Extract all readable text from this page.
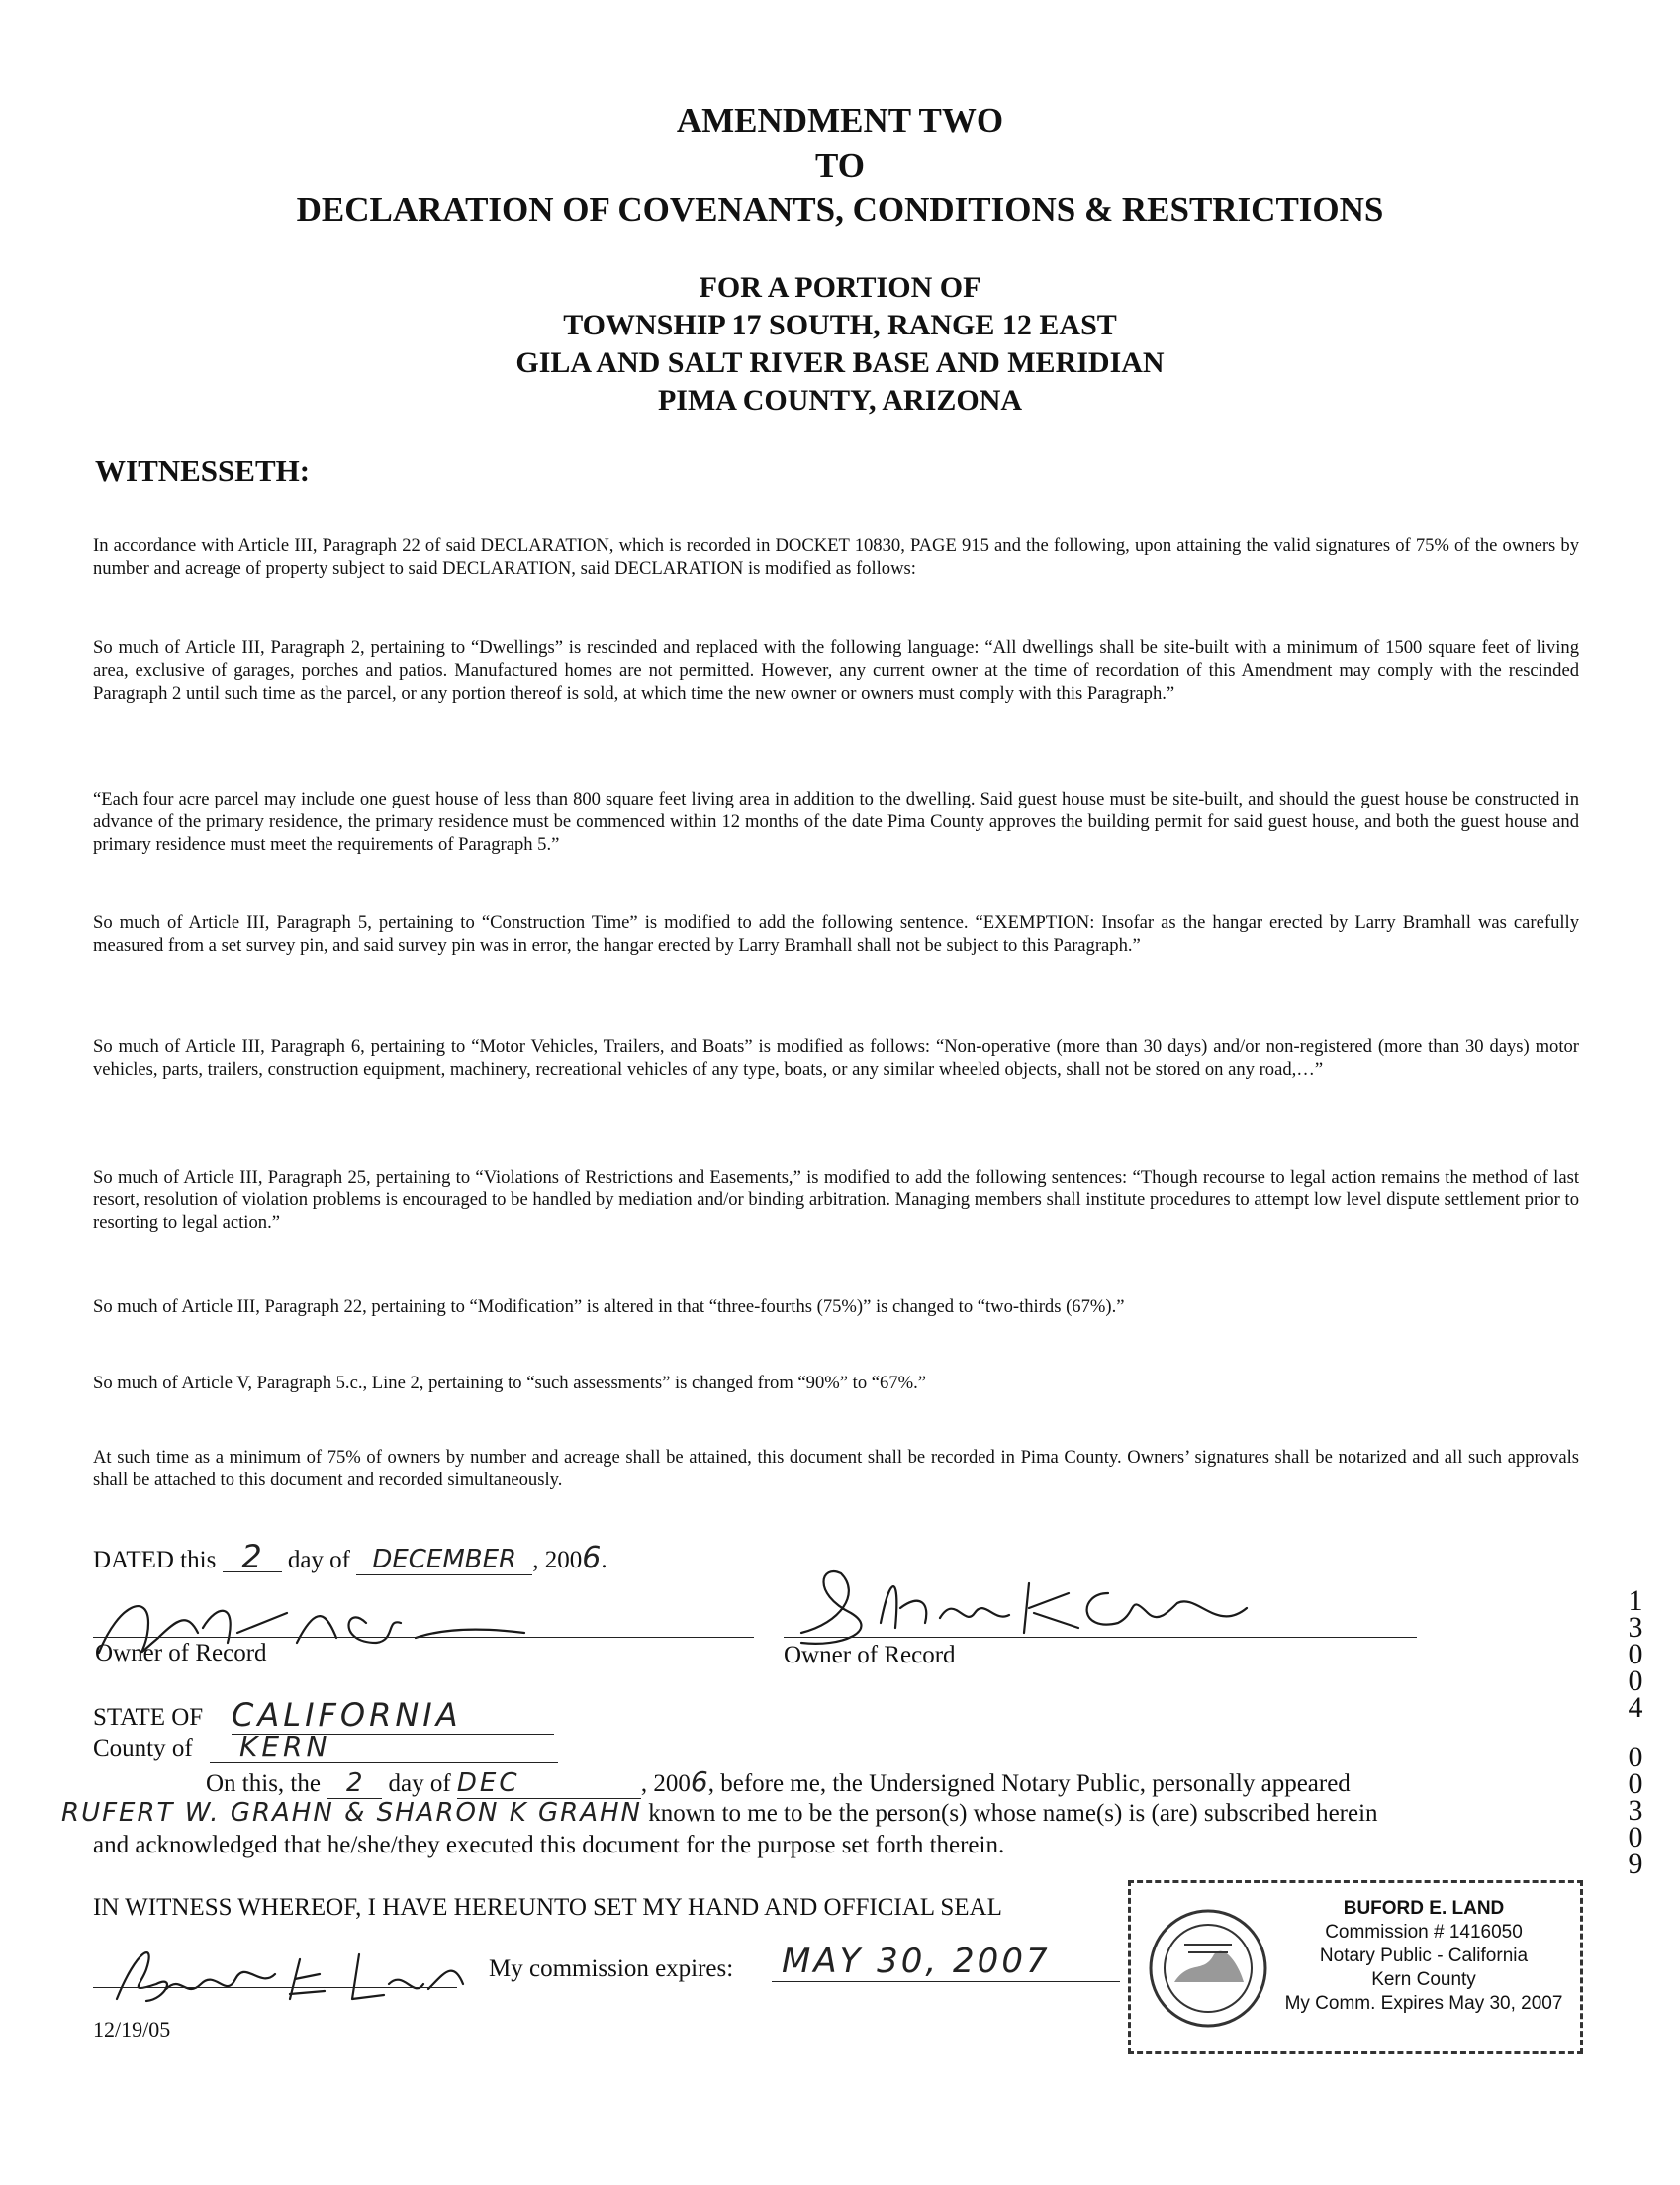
AMENDMENT TWO
TO
DECLARATION OF COVENANTS, CONDITIONS & RESTRICTIONS
FOR A PORTION OF
TOWNSHIP 17 SOUTH, RANGE 12 EAST
GILA AND SALT RIVER BASE AND MERIDIAN
PIMA COUNTY, ARIZONA
WITNESSETH:
In accordance with Article III, Paragraph 22 of said DECLARATION, which is recorded in DOCKET 10830, PAGE 915 and the following, upon attaining the valid signatures of 75% of the owners by number and acreage of property subject to said DECLARATION, said DECLARATION is modified as follows:
So much of Article III, Paragraph 2, pertaining to “Dwellings” is rescinded and replaced with the following language: “All dwellings shall be site-built with a minimum of 1500 square feet of living area, exclusive of garages, porches and patios. Manufactured homes are not permitted. However, any current owner at the time of recordation of this Amendment may comply with the rescinded Paragraph 2 until such time as the parcel, or any portion thereof is sold, at which time the new owner or owners must comply with this Paragraph.”
“Each four acre parcel may include one guest house of less than 800 square feet living area in addition to the dwelling. Said guest house must be site-built, and should the guest house be constructed in advance of the primary residence, the primary residence must be commenced within 12 months of the date Pima County approves the building permit for said guest house, and both the guest house and primary residence must meet the requirements of Paragraph 5.”
So much of Article III, Paragraph 5, pertaining to “Construction Time” is modified to add the following sentence. “EXEMPTION: Insofar as the hangar erected by Larry Bramhall was carefully measured from a set survey pin, and said survey pin was in error, the hangar erected by Larry Bramhall shall not be subject to this Paragraph.”
So much of Article III, Paragraph 6, pertaining to “Motor Vehicles, Trailers, and Boats” is modified as follows: “Non-operative (more than 30 days) and/or non-registered (more than 30 days) motor vehicles, parts, trailers, construction equipment, machinery, recreational vehicles of any type, boats, or any similar wheeled objects, shall not be stored on any road,…”
So much of Article III, Paragraph 25, pertaining to “Violations of Restrictions and Easements,” is modified to add the following sentences: “Though recourse to legal action remains the method of last resort, resolution of violation problems is encouraged to be handled by mediation and/or binding arbitration. Managing members shall institute procedures to attempt low level dispute settlement prior to resorting to legal action.”
So much of Article III, Paragraph 22, pertaining to “Modification” is altered in that “three-fourths (75%)” is changed to “two-thirds (67%).”
So much of Article V, Paragraph 5.c., Line 2, pertaining to “such assessments” is changed from “90%” to “67%.”
At such time as a minimum of 75% of owners by number and acreage shall be attained, this document shall be recorded in Pima County. Owners’ signatures shall be notarized and all such approvals shall be attached to this document and recorded simultaneously.
DATED this 2 day of DECEMBER , 2006.
Owner of Record	Owner of Record
STATE OF CALIFORNIA
County of	KERN
On this, the 2 day of DEC	, 2006, before me, the Undersigned Notary Public, personally appeared
RUFERT W. GRAHN & SHARON K GRAHN known to me to be the person(s) whose name(s) is (are) subscribed herein
and acknowledged that he/she/they executed this document for the purpose set forth therein.
IN WITNESS WHEREOF, I HAVE HEREUNTO SET MY HAND AND OFFICIAL SEAL
My commission expires: MAY 30, 2007
12/19/05
BUFORD E. LAND
Commission # 1416050
Notary Public - California
Kern County
My Comm. Expires May 30, 2007
1
3
0
0
4
0
0
3
0
9
